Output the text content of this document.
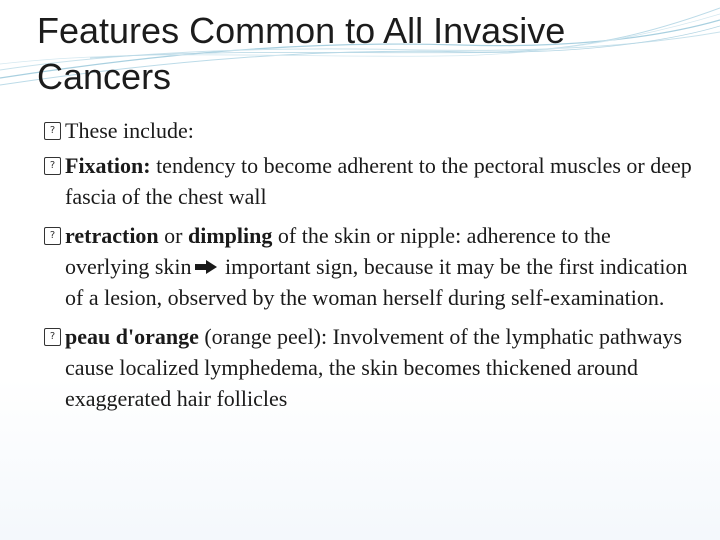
Features Common to All Invasive Cancers
? These include:
? Fixation: tendency to become adherent to the pectoral muscles or deep fascia of the chest wall
? retraction or dimpling of the skin or nipple: adherence to the overlying skin important sign, because it may be the first indication of a lesion, observed by the woman herself during self-examination.
? peau d'orange (orange peel): Involvement of the lymphatic pathways cause localized lymphedema, the skin becomes thickened around exaggerated hair follicles
